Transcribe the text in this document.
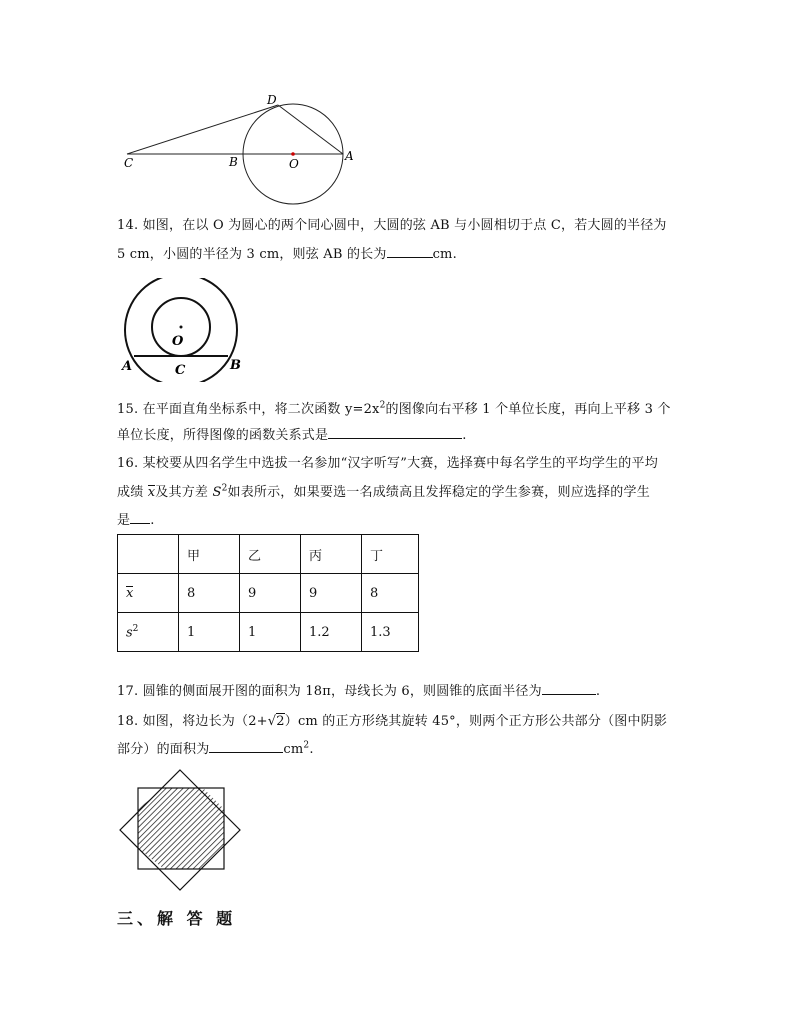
D
C	B	O
A
14. 如图，在以 O 为圆心的两个同心圆中，大圆的弦 AB 与小圆相切于点 C，若大圆的半径为
5 cm，小圆的半径为 3 cm，则弦 AB 的长为	cm.
O
A	C	B
15. 在平面直角坐标系中，将二次函数 $y=2x^2$的图像向右平移 1 个单位长度，再向上平移 3 个
单位长度，所得图像的函数关系式是	.
16. 某校要从四名学生中选拔一名参加“汉字听写”大赛，选择赛中每名学生的平均学生的平均
成绩 x及其方差 $S^2$如表所示，如果要选一名成绩高且发挥稳定的学生参赛，则应选择的学生
是 .
	甲	乙	丙	丁
x	8	9	9	8
$s^2$	1	1	1.2	1.3
17. 圆锥的侧面展开图的面积为 18π，母线长为 6，则圆锥的底面半径为	.
18. 如图，将边长为（2+√2）cm 的正方形绕其旋转 45°，则两个正方形公共部分（图中阴影
部分）的面积为	$cm^2$.
三、解 答 题
